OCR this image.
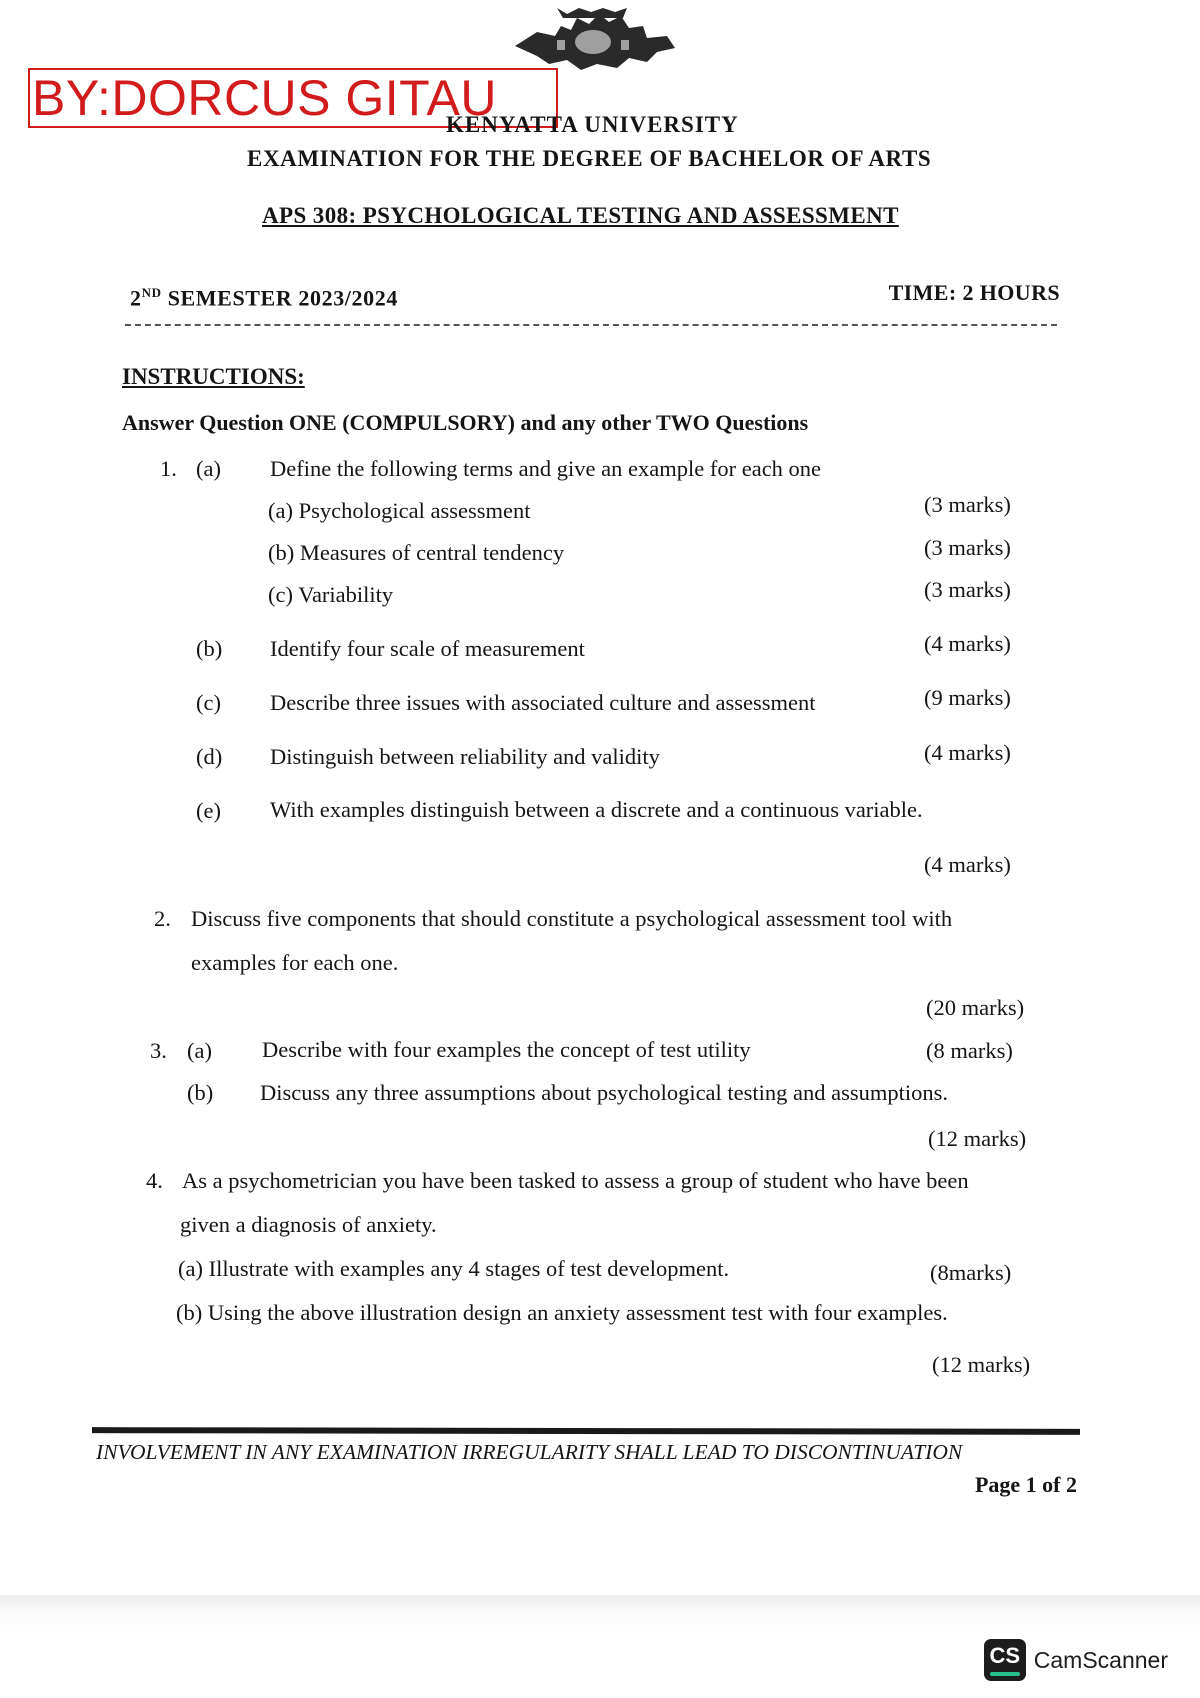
BY:DORCUS GITAU
KENYATTA UNIVERSITY
EXAMINATION FOR THE DEGREE OF BACHELOR OF ARTS
APS 308: PSYCHOLOGICAL TESTING AND ASSESSMENT
2ND SEMESTER 2023/2024	TIME: 2 HOURS
INSTRUCTIONS:
Answer Question ONE (COMPULSORY) and any other TWO Questions
1. (a) Define the following terms and give an example for each one
(a) Psychological assessment	(3 marks)
(b) Measures of central tendency	(3 marks)
(c) Variability	(3 marks)
(b) Identify four scale of measurement	(4 marks)
(c) Describe three issues with associated culture and assessment	(9 marks)
(d) Distinguish between reliability and validity	(4 marks)
(e) With examples distinguish between a discrete and a continuous variable.
(4 marks)
2. Discuss five components that should constitute a psychological assessment tool with
examples for each one.
(20 marks)
3. (a) Describe with four examples the concept of test utility	(8 marks)
(b) Discuss any three assumptions about psychological testing and assumptions.
(12 marks)
4. As a psychometrician you have been tasked to assess a group of student who have been
given a diagnosis of anxiety.
(a) Illustrate with examples any 4 stages of test development.	(8marks)
(b) Using the above illustration design an anxiety assessment test with four examples.
(12 marks)
INVOLVEMENT IN ANY EXAMINATION IRREGULARITY SHALL LEAD TO DISCONTINUATION
Page 1 of 2
CS CamScanner
